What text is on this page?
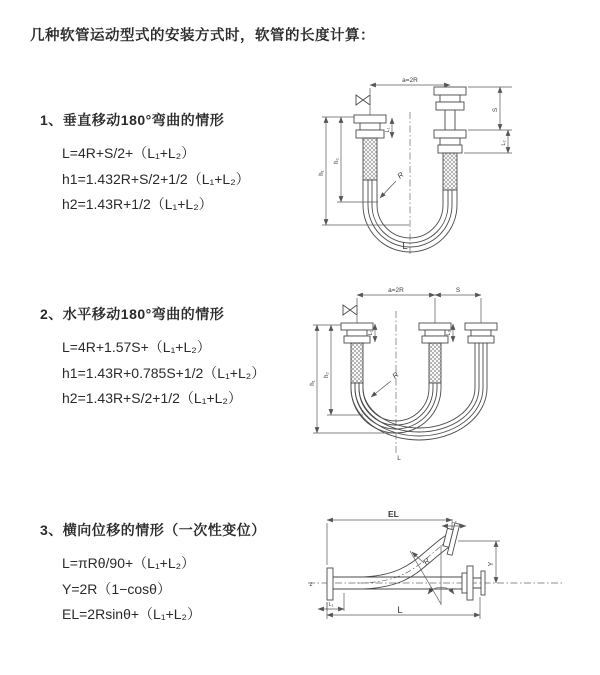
几种软管运动型式的安装方式时，软管的长度计算：
1、垂直移动180°弯曲的情形
L=4R+S/2+（L₁+L₂）
h1=1.432R+S/2+1/2（L₁+L₂）
h2=1.43R+1/2（L₁+L₂）
2、水平移动180°弯曲的情形
L=4R+1.57S+（L₁+L₂）
h1=1.43R+0.785S+1/2（L₁+L₂）
h2=1.43R+S/2+1/2（L₁+L₂）
3、横向位移的情形（一次性变位）
L=πRθ/90+（L₁+L₂）
Y=2R（1−cosθ）
EL=2Rsinθ+（L₁+L₂）
a=2R
S
L₁
L₂
h₁
h₂
R
L
a=2R	S
h₁
h₂
L₁	L₂
R
L
EL
L₂
Y
R
θ
L₁	L
z
